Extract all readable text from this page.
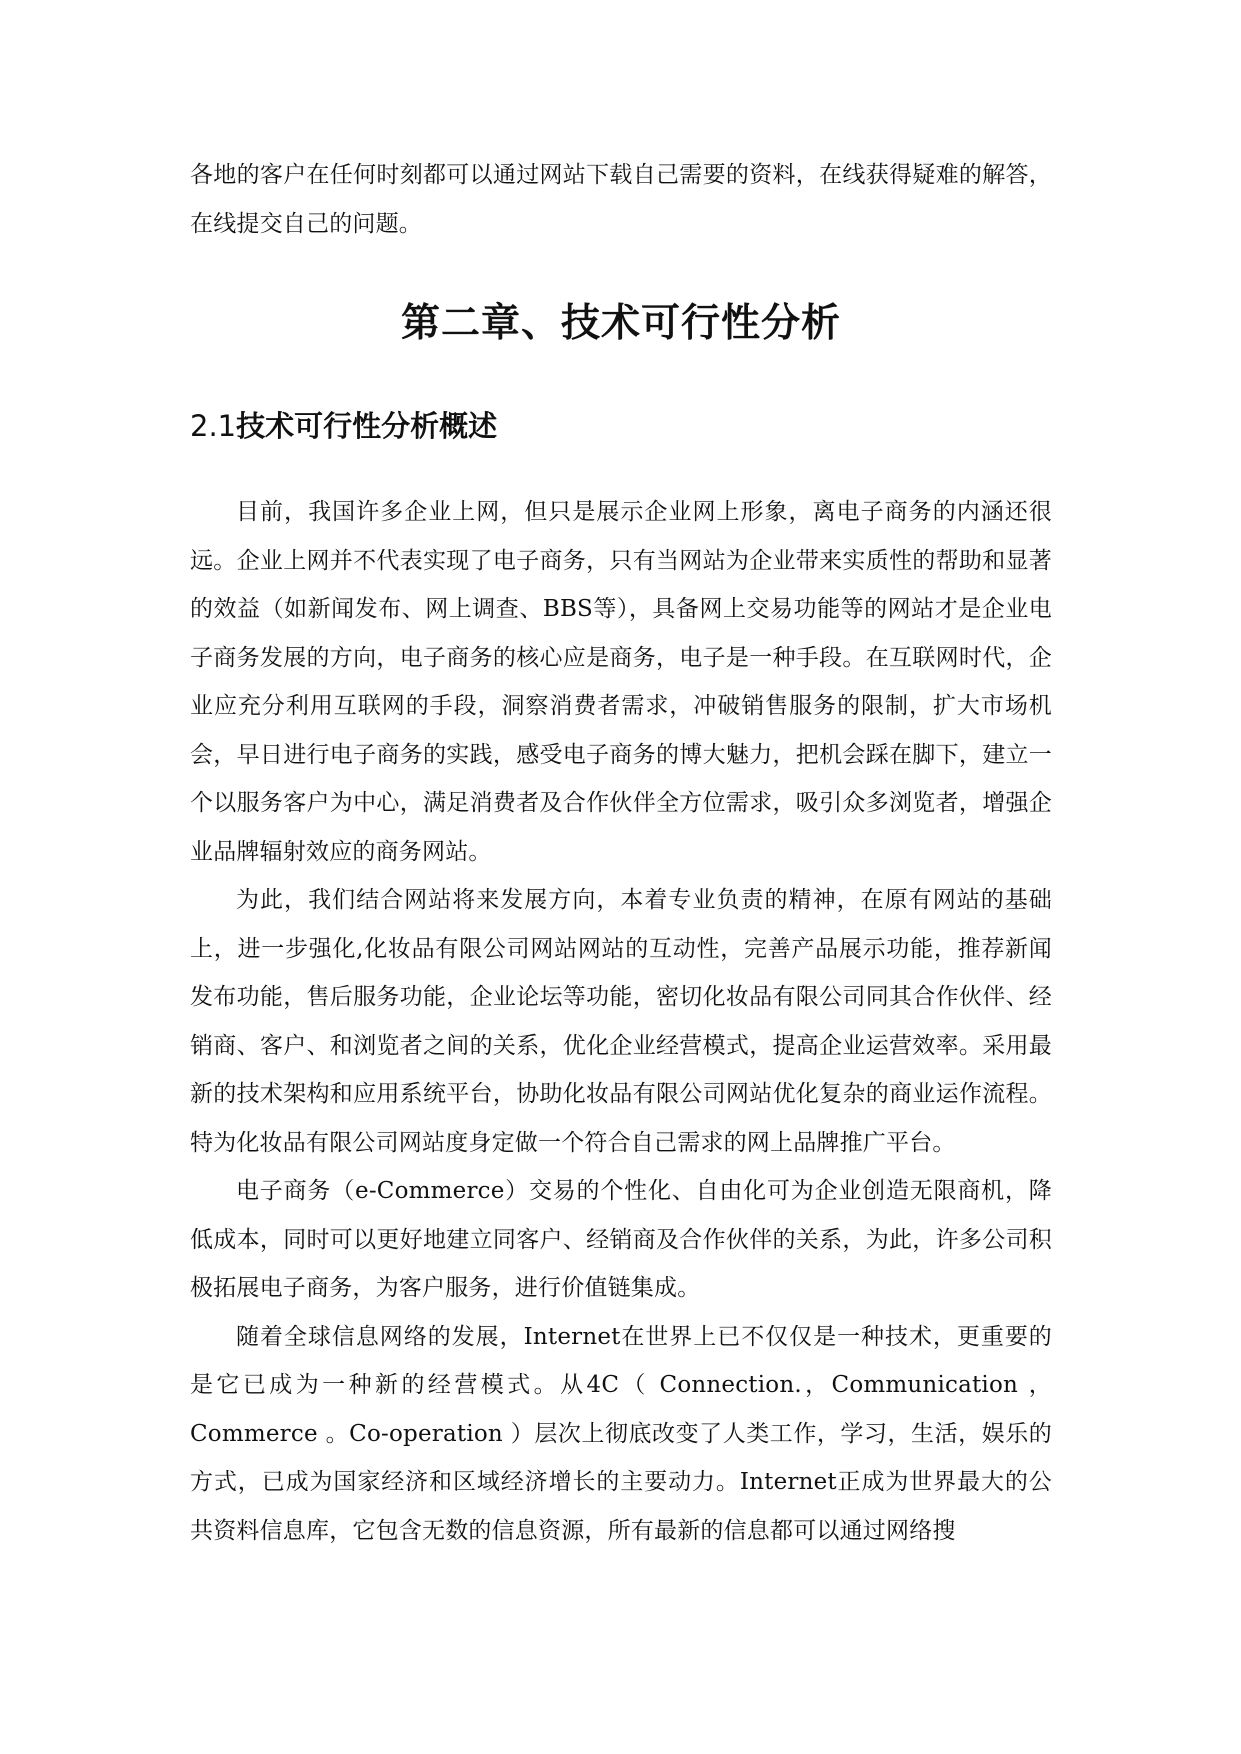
各地的客户在任何时刻都可以通过网站下载自己需要的资料，在线获得疑难的解答，在线提交自己的问题。

第二章、技术可行性分析
2.1技术可行性分析概述

目前，我国许多企业上网，但只是展示企业网上形象，离电子商务的内涵还很远。企业上网并不代表实现了电子商务，只有当网站为企业带来实质性的帮助和显著的效益（如新闻发布、网上调查、BBS等），具备网上交易功能等的网站才是企业电子商务发展的方向，电子商务的核心应是商务，电子是一种手段。在互联网时代，企业应充分利用互联网的手段，洞察消费者需求，冲破销售服务的限制，扩大市场机会，早日进行电子商务的实践，感受电子商务的博大魅力，把机会踩在脚下，建立一个以服务客户为中心，满足消费者及合作伙伴全方位需求，吸引众多浏览者，增强企业品牌辐射效应的商务网站。

为此，我们结合网站将来发展方向，本着专业负责的精神，在原有网站的基础上，进一步强化,化妆品有限公司网站网站的互动性，完善产品展示功能，推荐新闻发布功能，售后服务功能，企业论坛等功能，密切化妆品有限公司同其合作伙伴、经销商、客户、和浏览者之间的关系，优化企业经营模式，提高企业运营效率。采用最新的技术架构和应用系统平台，协助化妆品有限公司网站优化复杂的商业运作流程。特为化妆品有限公司网站度身定做一个符合自己需求的网上品牌推广平台。

电子商务（e-Commerce）交易的个性化、自由化可为企业创造无限商机，降低成本，同时可以更好地建立同客户、经销商及合作伙伴的关系，为此，许多公司积极拓展电子商务，为客户服务，进行价值链集成。

随着全球信息网络的发展，Internet在世界上已不仅仅是一种技术，更重要的是它已成为一种新的经营模式。从4C（ Connection.，Communication ，Commerce 。Co-operation ）层次上彻底改变了人类工作，学习，生活，娱乐的方式，已成为国家经济和区域经济增长的主要动力。Internet正成为世界最大的公共资料信息库，它包含无数的信息资源，所有最新的信息都可以通过网络搜
